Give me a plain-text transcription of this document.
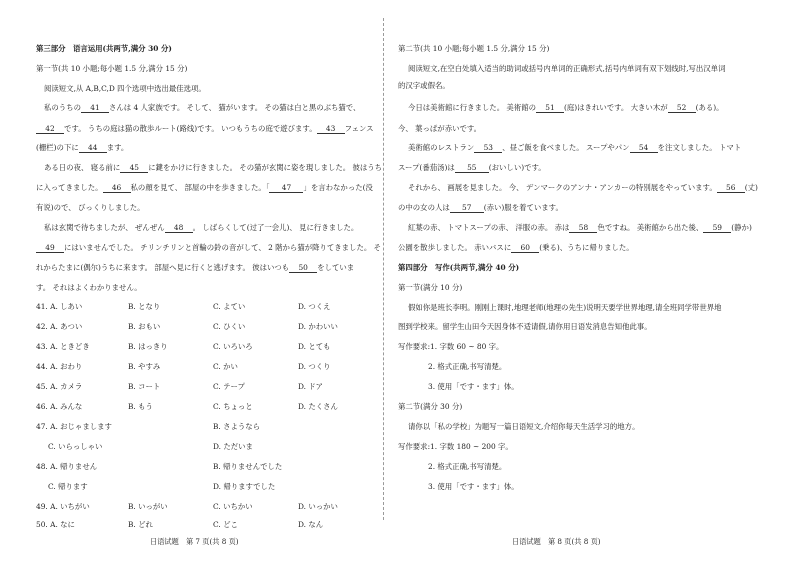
第三部分　语言运用(共两节,满分 30 分)
第一节(共 10 小题;每小题 1.5 分,满分 15 分)
阅读短文,从 A,B,C,D 四个选项中选出最佳选项。
私のうちの 41 さんは 4 人家族です。 そして、 猫がいます。 その猫は白と黒のぶち猫で、
42 です。 うちの庭は猫の散歩ルート(路线)です。 いつもうちの庭で遊びます。 43 フェンス
(栅栏)の下に 44 ます。
ある日の夜、 寝る前に 45 に鍵をかけに行きました。 その猫が玄関に姿を現しました。 彼はうち
に入ってきました。 46 私の顔を見て、 部屋の中を歩きました。「 47 」を言わなかった(没
有说)ので、 びっくりしました。
私は玄関で待ちましたが、 ぜんぜん 48 。 しばらくして(过了一会儿)、 見に行きました。
49 にはいませんでした。 チリンチリンと首輪の鈴の音がして、 2 階から猫が降りてきました。 そ
れからたまに(偶尔)うちに来ます。 部屋へ見に行くと逃げます。 彼はいつも 50 をしていま
す。 それはよくわかりません。
41. A. しあい	B. となり	C. よてい	D. つくえ
42. A. あつい	B. おもい	C. ひくい	D. かわいい
43. A. ときどき	B. はっきり	C. いろいろ	D. とても
44. A. おわり	B. やすみ	C. かい	D. つくり
45. A. カメラ	B. コート	C. テープ	D. ドア
46. A. みんな	B. もう	C. ちょっと	D. たくさん
47. A. おじゃまします	B. さようなら
C. いらっしゃい	D. ただいま
48. A. 帰りません	B. 帰りませんでした
C. 帰ります	D. 帰りますでした
49. A. いちがい	B. いっがい	C. いちかい	D. いっかい
50. A. なに	B. どれ	C. どこ	D. なん
日语试题　第 7 页(共 8 页)
第二节(共 10 小题;每小题 1.5 分,满分 15 分)
阅读短文,在空白处填入适当的助词或括号内单词的正确形式,括号内单词有双下划线时,写出汉单词
的汉字或假名。
今日は美術館に行きました。 美術館の 51 (庭)はきれいです。 大きい木が 52 (ある)。
今、 葉っぱが赤いです。
美術館のレストラン 53 、昼ご飯を食べました。 スープやパン 54 を注文しました。 トマト
スープ(番茄汤)は 55 (おいしい)です。
それから、 画展を見ました。 今、 デンマークのアンナ・アンカーの特別展をやっています。 56 (丈)
の中の女の人は 57 (赤い)服を着ています。
紅葉の赤、 トマトスープの赤、 洋服の赤。 赤は 58 色ですね。 美術館から出た後、 59 (静か)
公園を散歩しました。 赤いバスに 60 (乗る)、うちに帰りました。
第四部分　写作(共两节,满分 40 分)
第一节(满分 10 分)
假如你是班长李明。刚刚上课时,地理老师(地理の先生)说明天要学世界地理,请全班同学带世界地
图到学校来。留学生山田今天因身体不适请假,请你用日语发消息告知他此事。
写作要求:1. 字数 60 ~ 80 字。
2. 格式正确,书写清楚。
3. 使用「です・ます」体。
第二节(满分 30 分)
请你以「私の学校」为题写一篇日语短文,介绍你每天生活学习的地方。
写作要求:1. 字数 180 ~ 200 字。
2. 格式正确,书写清楚。
3. 使用「です・ます」体。
日语试题　第 8 页(共 8 页)
